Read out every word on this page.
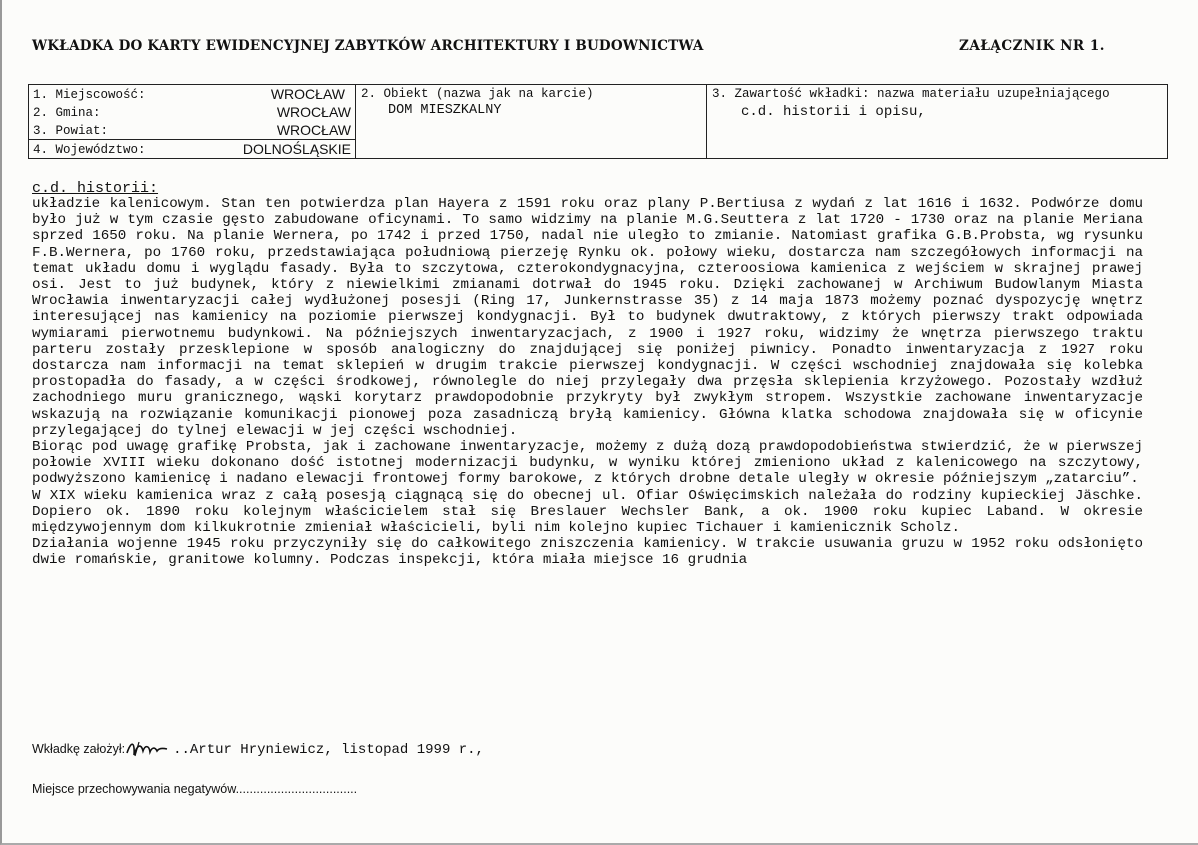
WKŁADKA DO KARTY EWIDENCYJNEJ ZABYTKÓW ARCHITEKTURY I BUDOWNICTWA	ZAŁĄCZNIK NR 1.
1. Miejscowość:	WROCŁAW
2. Gmina:	WROCŁAW
3. Powiat:	WROCŁAW
4. Województwo:	DOLNOŚLĄSKIE
2. Obiekt (nazwa jak na karcie)
DOM MIESZKALNY
3. Zawartość wkładki: nazwa materiału uzupełniającego
c.d. historii i opisu,
c.d. historii:

układzie kalenicowym. Stan ten potwierdza plan Hayera z 1591 roku oraz plany P.Bertiusa z wydań z lat 1616 i 1632. Podwórze domu było już w tym czasie gęsto zabudowane oficynami. To samo widzimy na planie M.G.Seuttera z lat 1720 - 1730 oraz na planie Meriana sprzed 1650 roku. Na planie Wernera, po 1742 i przed 1750, nadal nie uległo to zmianie. Natomiast grafika G.B.Probsta, wg rysunku F.B.Wernera, po 1760 roku, przedstawiająca południową pierzeję Rynku ok. połowy wieku, dostarcza nam szczegółowych informacji na temat układu domu i wyglądu fasady. Była to szczytowa, czterokondygnacyjna, czteroosiowa kamienica z wejściem w skrajnej prawej osi. Jest to już budynek, który z niewielkimi zmianami dotrwał do 1945 roku. Dzięki zachowanej w Archiwum Budowlanym Miasta Wrocławia inwentaryzacji całej wydłużonej posesji (Ring 17, Junkernstrasse 35) z 14 maja 1873 możemy poznać dyspozycję wnętrz interesującej nas kamienicy na poziomie pierwszej kondygnacji. Był to budynek dwutraktowy, z których pierwszy trakt odpowiada wymiarami pierwotnemu budynkowi. Na późniejszych inwentaryzacjach, z 1900 i 1927 roku, widzimy że wnętrza pierwszego traktu parteru zostały przesklepione w sposób analogiczny do znajdującej się poniżej piwnicy. Ponadto inwentaryzacja z 1927 roku dostarcza nam informacji na temat sklepień w drugim trakcie pierwszej kondygnacji. W części wschodniej znajdowała się kolebka prostopadła do fasady, a w części środkowej, równolegle do niej przylegały dwa przęsła sklepienia krzyżowego. Pozostały wzdłuż zachodniego muru granicznego, wąski korytarz prawdopodobnie przykryty był zwykłym stropem. Wszystkie zachowane inwentaryzacje wskazują na rozwiązanie komunikacji pionowej poza zasadniczą bryłą kamienicy. Główna klatka schodowa znajdowała się w oficynie przylegającej do tylnej elewacji w jej części wschodniej.

Biorąc pod uwagę grafikę Probsta, jak i zachowane inwentaryzacje, możemy z dużą dozą prawdopodobieństwa stwierdzić, że w pierwszej połowie XVIII wieku dokonano dość istotnej modernizacji budynku, w wyniku której zmieniono układ z kalenicowego na szczytowy, podwyższono kamienicę i nadano elewacji frontowej formy barokowe, z których drobne detale uległy w okresie późniejszym „zatarciu”.

W XIX wieku kamienica wraz z całą posesją ciągnącą się do obecnej ul. Ofiar Oświęcimskich należała do rodziny kupieckiej Jäschke. Dopiero ok. 1890 roku kolejnym właścicielem stał się Breslauer Wechsler Bank, a ok. 1900 roku kupiec Laband. W okresie międzywojennym dom kilkukrotnie zmieniał właścicieli, byli nim kolejno kupiec Tichauer i kamienicznik Scholz.

Działania wojenne 1945 roku przyczyniły się do całkowitego zniszczenia kamienicy. W trakcie usuwania gruzu w 1952 roku odsłonięto dwie romańskie, granitowe kolumny. Podczas inspekcji, która miała miejsce 16 grudnia

Wkładkę założył:	..Artur Hryniewicz, listopad 1999 r.,
Miejsce przechowywania negatywów...................................
